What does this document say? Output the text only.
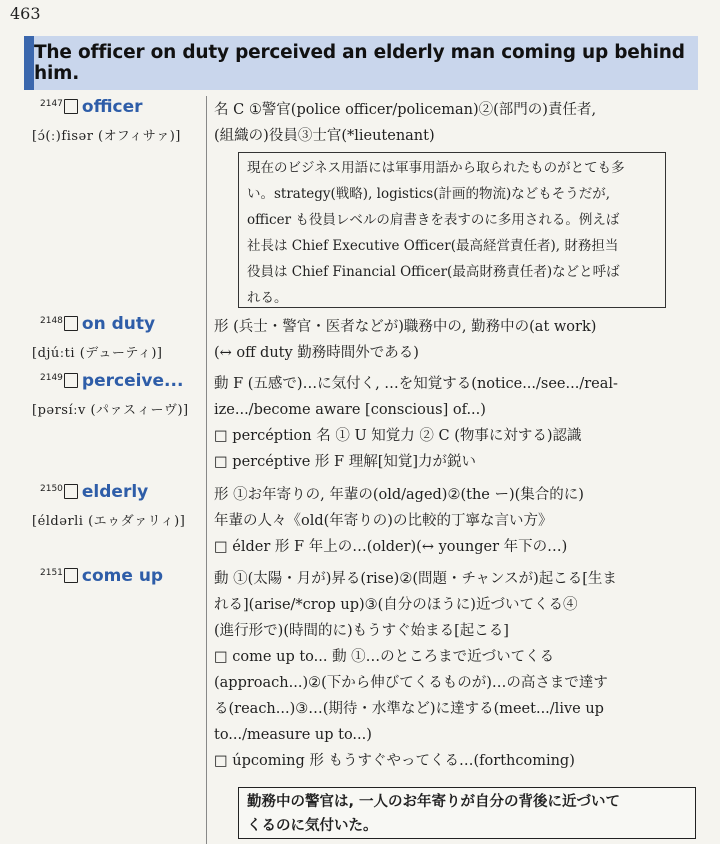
463
The officer on duty perceived an elderly man coming up behind him.
$^{2147}$ officer
[ɔ́(ː)fisər (オフィサァ)]
名 C ①警官(police officer/policeman)②(部門の)責任者,
(組織の)役員③士官(*lieutenant)
現在のビジネス用語には軍事用語から取られたものがとても多
い。strategy(戦略), logistics(計画的物流)などもそうだが,
officer も役員レベルの肩書きを表すのに多用される。例えば
社長は Chief Executive Officer(最高経営責任者), 財務担当
役員は Chief Financial Officer(最高財務責任者)などと呼ば
れる。
$^{2148}$ on duty
[djúːti (デューティ)]
形 (兵士・警官・医者などが)職務中の, 勤務中の(at work)
(↔ off duty 勤務時間外である)
$^{2149}$ perceive...
[pərsíːv (パァスィーヴ)]
動 F (五感で)…に気付く, …を知覚する(notice.../see.../real-
ize.../become aware [conscious] of...)
□ percéption 名 ① U 知覚力 ② C (物事に対する)認識
□ percéptive 形 F 理解[知覚]力が鋭い
$^{2150}$ elderly
[éldərli (エゥダァリィ)]
形 ①お年寄りの, 年輩の(old/aged)②(the ー)(集合的に)
年輩の人々《old(年寄りの)の比較的丁寧な言い方》
□ élder 形 F 年上の…(older)(↔ younger 年下の…)
$^{2151}$ come up	動 ①(太陽・月が)昇る(rise)②(問題・チャンスが)起こる[生ま
れる](arise/*crop up)③(自分のほうに)近づいてくる④
(進行形で)(時間的に)もうすぐ始まる[起こる]
□ come up to... 動 ①…のところまで近づいてくる
(approach...)②(下から伸びてくるものが)…の高さまで達す
る(reach...)③…(期待・水準など)に達する(meet.../live up
to.../measure up to...)
□ úpcoming 形 もうすぐやってくる…(forthcoming)
勤務中の警官は, 一人のお年寄りが自分の背後に近づいて
くるのに気付いた。
